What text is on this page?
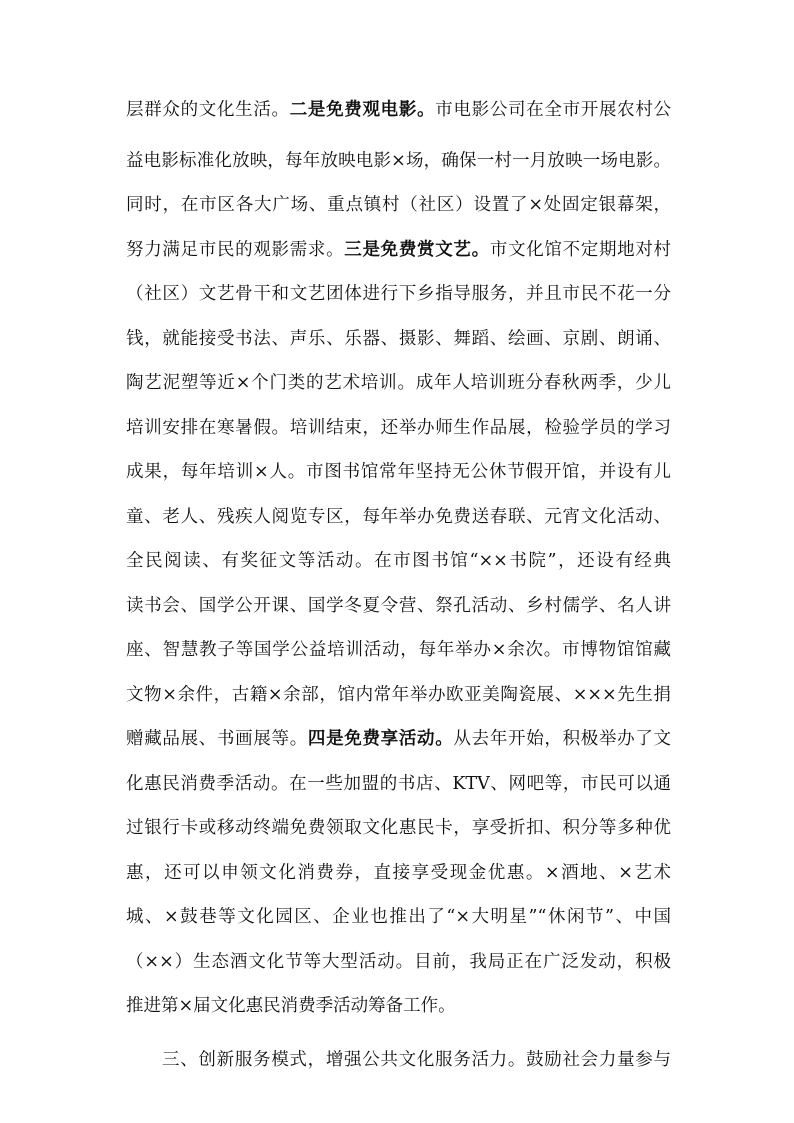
层群众的文化生活。二是免费观电影。市电影公司在全市开展农村公
益电影标准化放映，每年放映电影×场，确保一村一月放映一场电影。
同时，在市区各大广场、重点镇村（社区）设置了×处固定银幕架，
努力满足市民的观影需求。三是免费赏文艺。市文化馆不定期地对村
（社区）文艺骨干和文艺团体进行下乡指导服务，并且市民不花一分
钱，就能接受书法、声乐、乐器、摄影、舞蹈、绘画、京剧、朗诵、
陶艺泥塑等近×个门类的艺术培训。成年人培训班分春秋两季，少儿
培训安排在寒暑假。培训结束，还举办师生作品展，检验学员的学习
成果，每年培训×人。市图书馆常年坚持无公休节假开馆，并设有儿
童、老人、残疾人阅览专区，每年举办免费送春联、元宵文化活动、
全民阅读、有奖征文等活动。在市图书馆“××书院”，还设有经典
读书会、国学公开课、国学冬夏令营、祭孔活动、乡村儒学、名人讲
座、智慧教子等国学公益培训活动，每年举办×余次。市博物馆馆藏
文物×余件，古籍×余部，馆内常年举办欧亚美陶瓷展、×××先生捐
赠藏品展、书画展等。四是免费享活动。从去年开始，积极举办了文
化惠民消费季活动。在一些加盟的书店、KTV、网吧等，市民可以通
过银行卡或移动终端免费领取文化惠民卡，享受折扣、积分等多种优
惠，还可以申领文化消费券，直接享受现金优惠。×酒地、×艺术
城、×鼓巷等文化园区、企业也推出了“×大明星”“休闲节”、中国
（××）生态酒文化节等大型活动。目前，我局正在广泛发动，积极
推进第×届文化惠民消费季活动筹备工作。
三、创新服务模式，增强公共文化服务活力。鼓励社会力量参与
